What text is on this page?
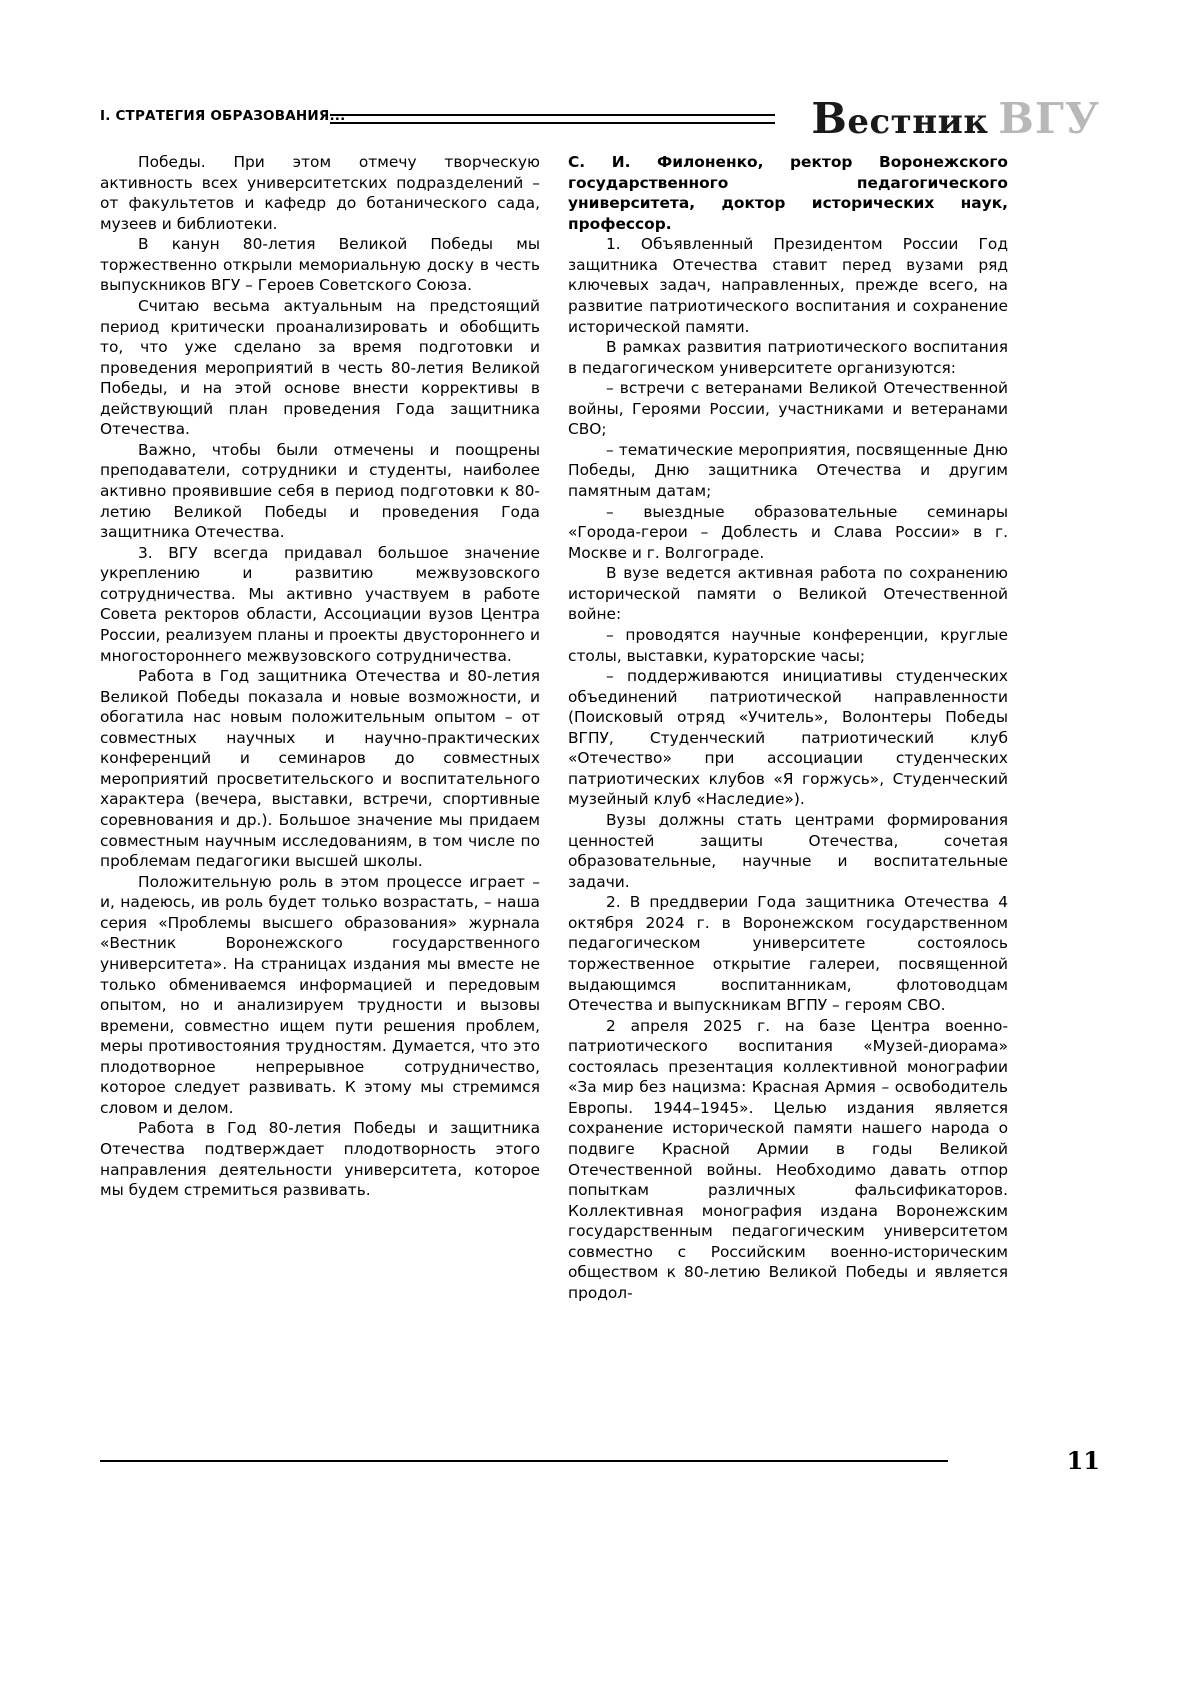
I. СТРАТЕГИЯ ОБРАЗОВАНИЯ...	Вестник ВГУ

Победы. При этом отмечу творческую активность всех университетских подразделений – от факультетов и кафедр до ботанического сада, музеев и библиотеки.

В канун 80-летия Великой Победы мы торжественно открыли мемориальную доску в честь выпускников ВГУ – Героев Советского Союза.

Считаю весьма актуальным на предстоящий период критически проанализировать и обобщить то, что уже сделано за время подготовки и проведения мероприятий в честь 80-летия Великой Победы, и на этой основе внести коррективы в действующий план проведения Года защитника Отечества.

Важно, чтобы были отмечены и поощрены преподаватели, сотрудники и студенты, наиболее активно проявившие себя в период подготовки к 80-летию Великой Победы и проведения Года защитника Отечества.

3. ВГУ всегда придавал большое значение укреплению и развитию межвузовского сотрудничества. Мы активно участвуем в работе Совета ректоров области, Ассоциации вузов Центра России, реализуем планы и проекты двустороннего и многостороннего межвузовского сотрудничества.

Работа в Год защитника Отечества и 80-летия Великой Победы показала и новые возможности, и обогатила нас новым положительным опытом – от совместных научных и научно-практических конференций и семинаров до совместных мероприятий просветительского и воспитательного характера (вечера, выставки, встречи, спортивные соревнования и др.). Большое значение мы придаем совместным научным исследованиям, в том числе по проблемам педагогики высшей школы.

Положительную роль в этом процессе играет – и, надеюсь, ив роль будет только возрастать, – наша серия «Проблемы высшего образования» журнала «Вестник Воронежского государственного университета». На страницах издания мы вместе не только обмениваемся информацией и передовым опытом, но и анализируем трудности и вызовы времени, совместно ищем пути решения проблем, меры противостояния трудностям. Думается, что это плодотворное непрерывное сотрудничество, которое следует развивать. К этому мы стремимся словом и делом.

Работа в Год 80-летия Победы и защитника Отечества подтверждает плодотворность этого направления деятельности университета, которое мы будем стремиться развивать.

С. И. Филоненко, ректор Воронежского государственного педагогического университета, доктор исторических наук, профессор.

1. Объявленный Президентом России Год защитника Отечества ставит перед вузами ряд ключевых задач, направленных, прежде всего, на развитие патриотического воспитания и сохранение исторической памяти.

В рамках развития патриотического воспитания в педагогическом университете организуются:

– встречи с ветеранами Великой Отечественной войны, Героями России, участниками и ветеранами СВО;

– тематические мероприятия, посвященные Дню Победы, Дню защитника Отечества и другим памятным датам;

– выездные образовательные семинары «Города-герои – Доблесть и Слава России» в г. Москве и г. Волгограде.

В вузе ведется активная работа по сохранению исторической памяти о Великой Отечественной войне:

– проводятся научные конференции, круглые столы, выставки, кураторские часы;

– поддерживаются инициативы студенческих объединений патриотической направленности (Поисковый отряд «Учитель», Волонтеры Победы ВГПУ, Студенческий патриотический клуб «Отечество» при ассоциации студенческих патриотических клубов «Я горжусь», Студенческий музейный клуб «Наследие»).

Вузы должны стать центрами формирования ценностей защиты Отечества, сочетая образовательные, научные и воспитательные задачи.

2. В преддверии Года защитника Отечества 4 октября 2024 г. в Воронежском государственном педагогическом университете состоялось торжественное открытие галереи, посвященной выдающимся воспитанникам, флотоводцам Отечества и выпускникам ВГПУ – героям СВО.

2 апреля 2025 г. на базе Центра военно-патриотического воспитания «Музей-диорама» состоялась презентация коллективной монографии «За мир без нацизма: Красная Армия – освободитель Европы. 1944–1945». Целью издания является сохранение исторической памяти нашего народа о подвиге Красной Армии в годы Великой Отечественной войны. Необходимо давать отпор попыткам различных фальсификаторов. Коллективная монография издана Воронежским государственным педагогическим университетом совместно с Российским военно-историческим обществом к 80-летию Великой Победы и является продол-

11
